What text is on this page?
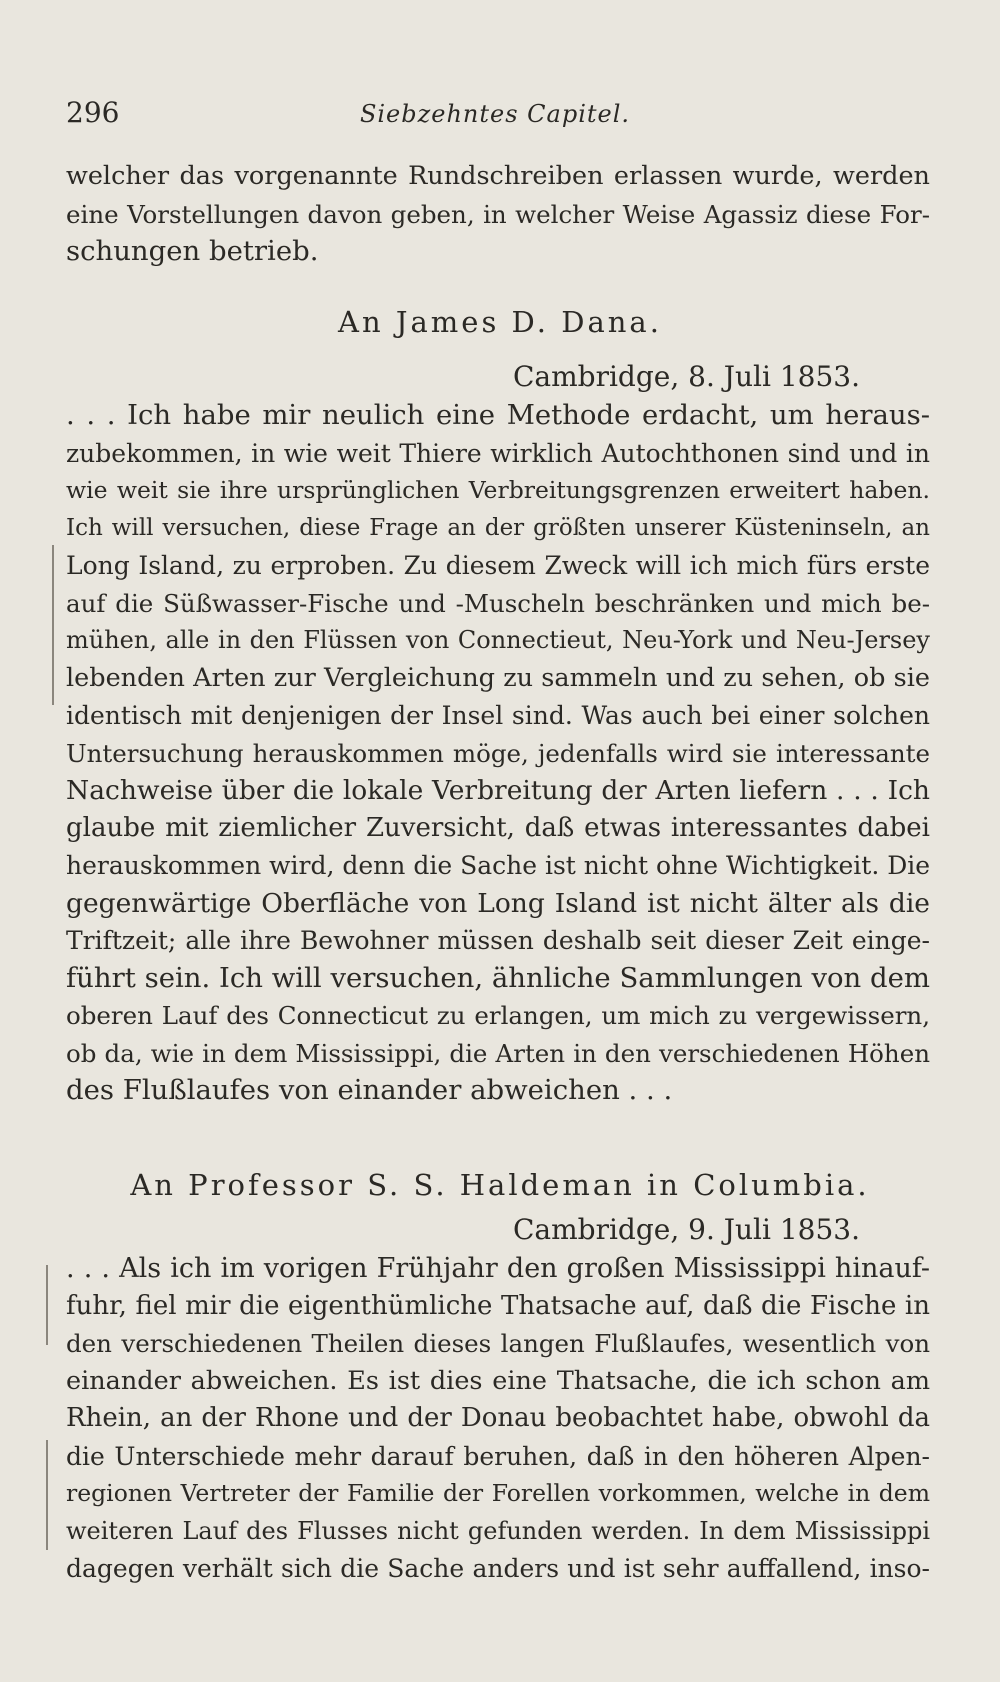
296	Siebzehntes Capitel.
welcher das vorgenannte Rundschreiben erlassen wurde, werden
eine Vorstellungen davon geben, in welcher Weise Agassiz diese For-
schungen betrieb.
An James D. Dana.
Cambridge, 8. Juli 1853.
. . . Ich habe mir neulich eine Methode erdacht, um heraus-
zubekommen, in wie weit Thiere wirklich Autochthonen sind und in
wie weit sie ihre ursprünglichen Verbreitungsgrenzen erweitert haben.
Ich will versuchen, diese Frage an der größten unserer Küsteninseln, an
Long Island, zu erproben. Zu diesem Zweck will ich mich fürs erste
auf die Süßwasser-Fische und -Muscheln beschränken und mich be-
mühen, alle in den Flüssen von Connectieut, Neu-York und Neu-Jersey
lebenden Arten zur Vergleichung zu sammeln und zu sehen, ob sie
identisch mit denjenigen der Insel sind. Was auch bei einer solchen
Untersuchung herauskommen möge, jedenfalls wird sie interessante
Nachweise über die lokale Verbreitung der Arten liefern . . . Ich
glaube mit ziemlicher Zuversicht, daß etwas interessantes dabei
herauskommen wird, denn die Sache ist nicht ohne Wichtigkeit. Die
gegenwärtige Oberfläche von Long Island ist nicht älter als die
Triftzeit; alle ihre Bewohner müssen deshalb seit dieser Zeit einge-
führt sein. Ich will versuchen, ähnliche Sammlungen von dem
oberen Lauf des Connecticut zu erlangen, um mich zu vergewissern,
ob da, wie in dem Mississippi, die Arten in den verschiedenen Höhen
des Flußlaufes von einander abweichen . . .
An Professor S. S. Haldeman in Columbia.
Cambridge, 9. Juli 1853.
. . . Als ich im vorigen Frühjahr den großen Mississippi hinauf-
fuhr, fiel mir die eigenthümliche Thatsache auf, daß die Fische in
den verschiedenen Theilen dieses langen Flußlaufes, wesentlich von
einander abweichen. Es ist dies eine Thatsache, die ich schon am
Rhein, an der Rhone und der Donau beobachtet habe, obwohl da
die Unterschiede mehr darauf beruhen, daß in den höheren Alpen-
regionen Vertreter der Familie der Forellen vorkommen, welche in dem
weiteren Lauf des Flusses nicht gefunden werden. In dem Mississippi
dagegen verhält sich die Sache anders und ist sehr auffallend, inso-
